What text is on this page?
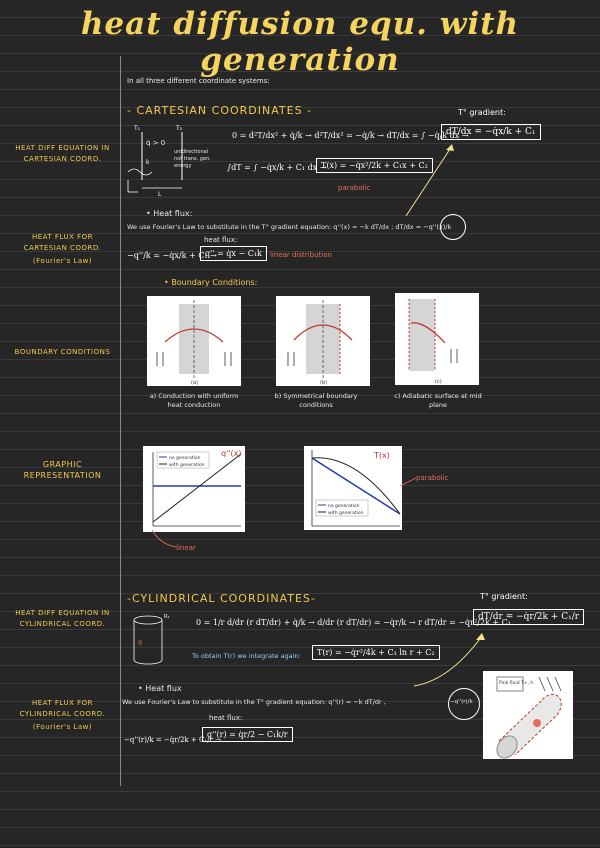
heat diffusion equ. with generation
HEAT DIFF EQUATION IN CARTESIAN COORD.
HEAT FLUX FOR CARTESIAN COORD.
(Fourier's Law)
BOUNDARY CONDITIONS
GRAPHIC REPRESENTATION
HEAT DIFF EQUATION IN CYLINDRICAL COORD.
HEAT FLUX FOR CYLINDRICAL COORD.
(Fourier's Law)
In all three different coordinate systems:
- CARTESIAN COORDINATES -	T° gradient:
T₁	T₂
k
L
q̇ > 0
unidirectional not trans. gen. energy
0 = d²T/dx² + q̇/k → d²T/dx² = −q̇/k → dT/dx = ∫ −q̇/k dx →
dT/dx = −q̇x/k + C₁
∫dT = ∫ −q̇x/k + C₁ dx →
T(x) = −q̇x²/2k + C₁x + C₂
parabolic
• Heat flux:
We use Fourier's Law to substitute in the T° gradient equation: q''(x) = −k dT/dx ; dT/dx = −q''(x)/k
−q''/k = −q̇x/k + C₁ →
heat flux:
q'' = q̇x − C₁k	linear distribution
• Boundary Conditions:
(a)	(b)	(c)
a) Conduction with uniform heat conduction
b) Symmetrical boundary conditions
c) Adiabatic surface at mid plane
no generation
with generation
q''(x)
linear
no generation
with generation
T(x)
parabolic
-CYLINDRICAL COORDINATES-	T° gradient:
q̇
R₁
0 = 1/r d/dr (r dT/dr) + q̇/k → d/dr (r dT/dr) = −q̇r/k → r dT/dr = −q̇r²/2k + C₁
dT/dr = −q̇r/2k + C₁/r
To obtain T(r) we integrate again:	T(r) = −q̇r²/4k + C₁ ln r + C₂
• Heat flux
We use Fourier's Law to substitute in the T° gradient equation: q''(r) = −k dT/dr ,	−q''(r)/k
−q''(r)/k = −q̇r/2k + C₁/r →
heat flux:
q''(r) = q̇r/2 − C₁k/r
Pink fluid T∞, h
